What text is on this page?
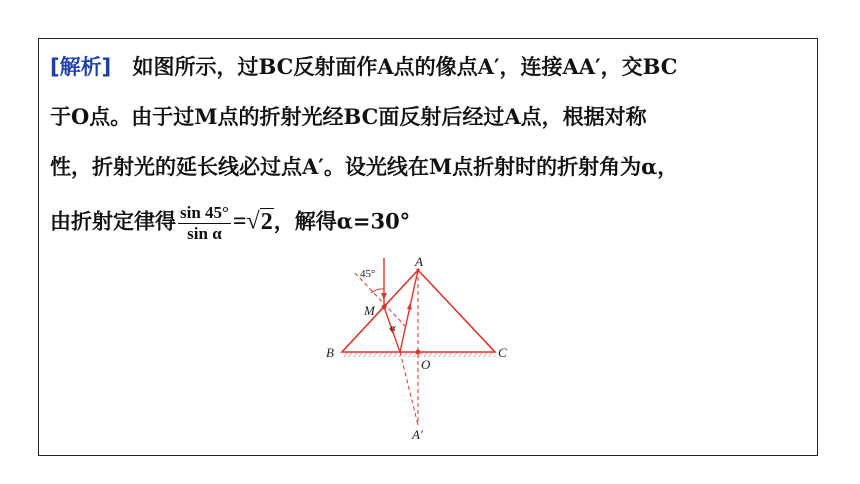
[解析] 如图所示，过BC反射面作A点的像点A′，连接AA′，交BC
于O点。由于过M点的折射光经BC面反射后经过A点，根据对称
性，折射光的延长线必过点A′。设光线在M点折射时的折射角为α，
由折射定律得 $\frac{\sin 45^\circ}{\text{sin α}} =√2$，解得α=30°
A
B	C
M
O
A′
45°
α
